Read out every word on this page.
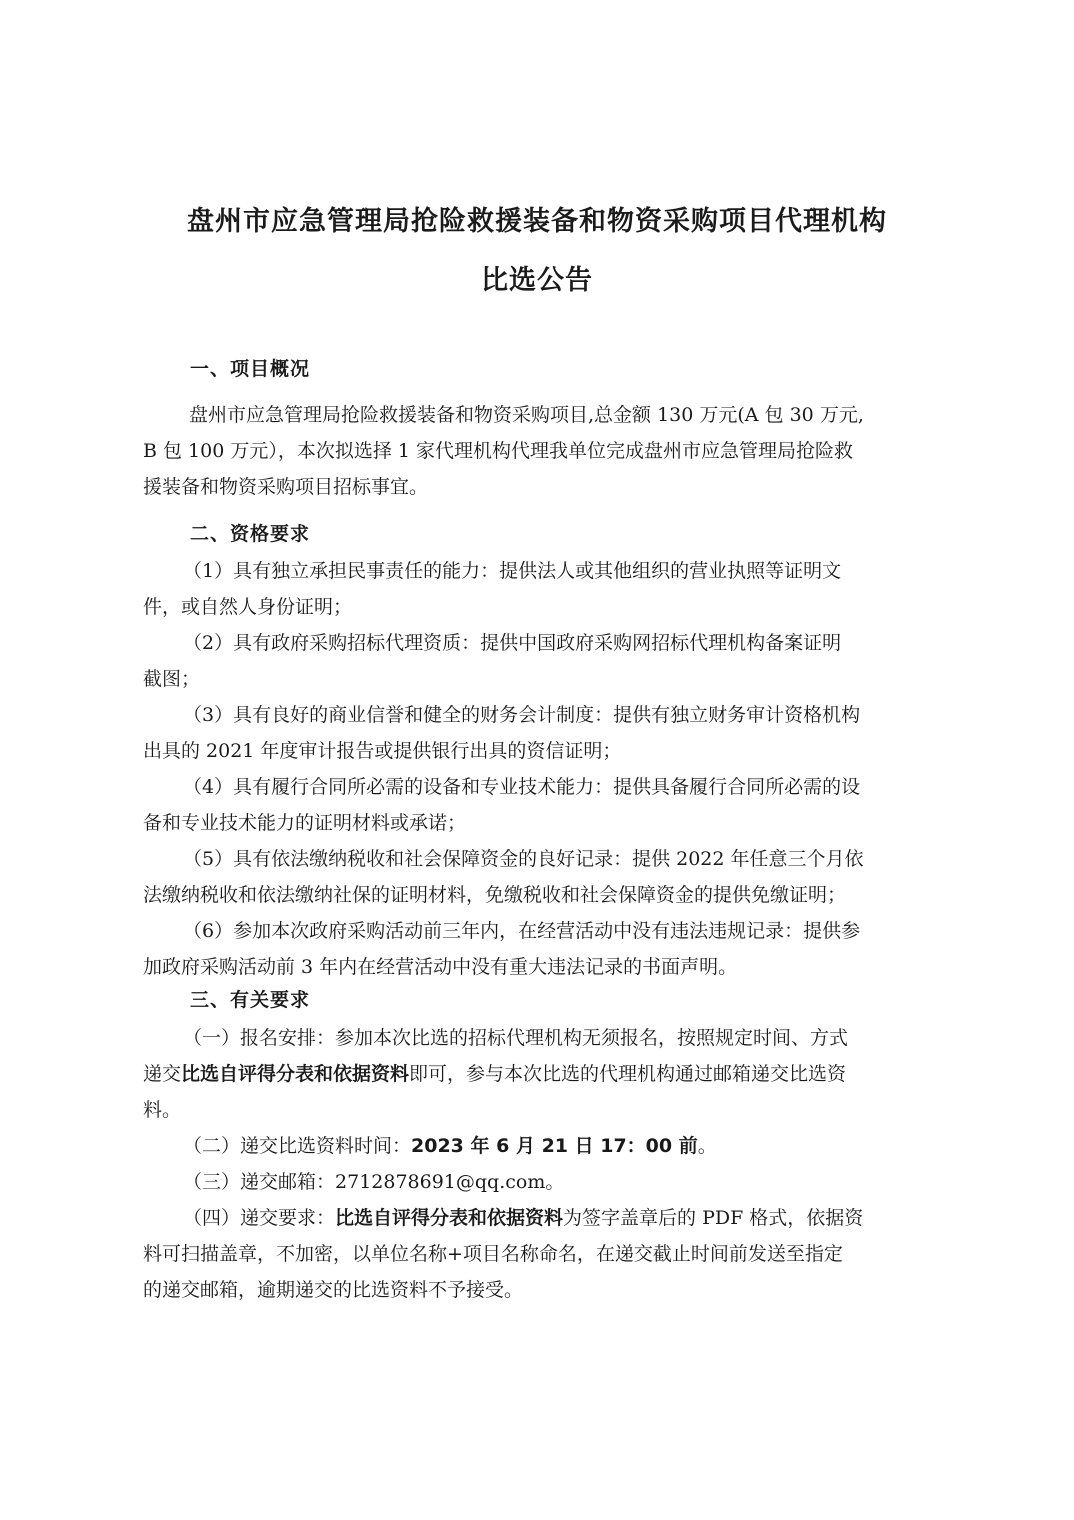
盘州市应急管理局抢险救援装备和物资采购项目代理机构
比选公告
一、项目概况
盘州市应急管理局抢险救援装备和物资采购项目,总金额 130 万元(A 包 30 万元,
B 包 100 万元），本次拟选择 1 家代理机构代理我单位完成盘州市应急管理局抢险救
援装备和物资采购项目招标事宜。
二、资格要求
（1）具有独立承担民事责任的能力：提供法人或其他组织的营业执照等证明文
件，或自然人身份证明；
（2）具有政府采购招标代理资质：提供中国政府采购网招标代理机构备案证明
截图；
（3）具有良好的商业信誉和健全的财务会计制度：提供有独立财务审计资格机构
出具的 2021 年度审计报告或提供银行出具的资信证明；
（4）具有履行合同所必需的设备和专业技术能力：提供具备履行合同所必需的设
备和专业技术能力的证明材料或承诺；
（5）具有依法缴纳税收和社会保障资金的良好记录：提供 2022 年任意三个月依
法缴纳税收和依法缴纳社保的证明材料，免缴税收和社会保障资金的提供免缴证明；
（6）参加本次政府采购活动前三年内，在经营活动中没有违法违规记录：提供参
加政府采购活动前 3 年内在经营活动中没有重大违法记录的书面声明。
三、有关要求
（一）报名安排：参加本次比选的招标代理机构无须报名，按照规定时间、方式
递交比选自评得分表和依据资料即可，参与本次比选的代理机构通过邮箱递交比选资
料。
（二）递交比选资料时间：2023 年 6 月 21 日 17：00 前。
（三）递交邮箱：2712878691@qq.com。
（四）递交要求：比选自评得分表和依据资料为签字盖章后的 PDF 格式，依据资
料可扫描盖章，不加密，以单位名称+项目名称命名，在递交截止时间前发送至指定
的递交邮箱，逾期递交的比选资料不予接受。
